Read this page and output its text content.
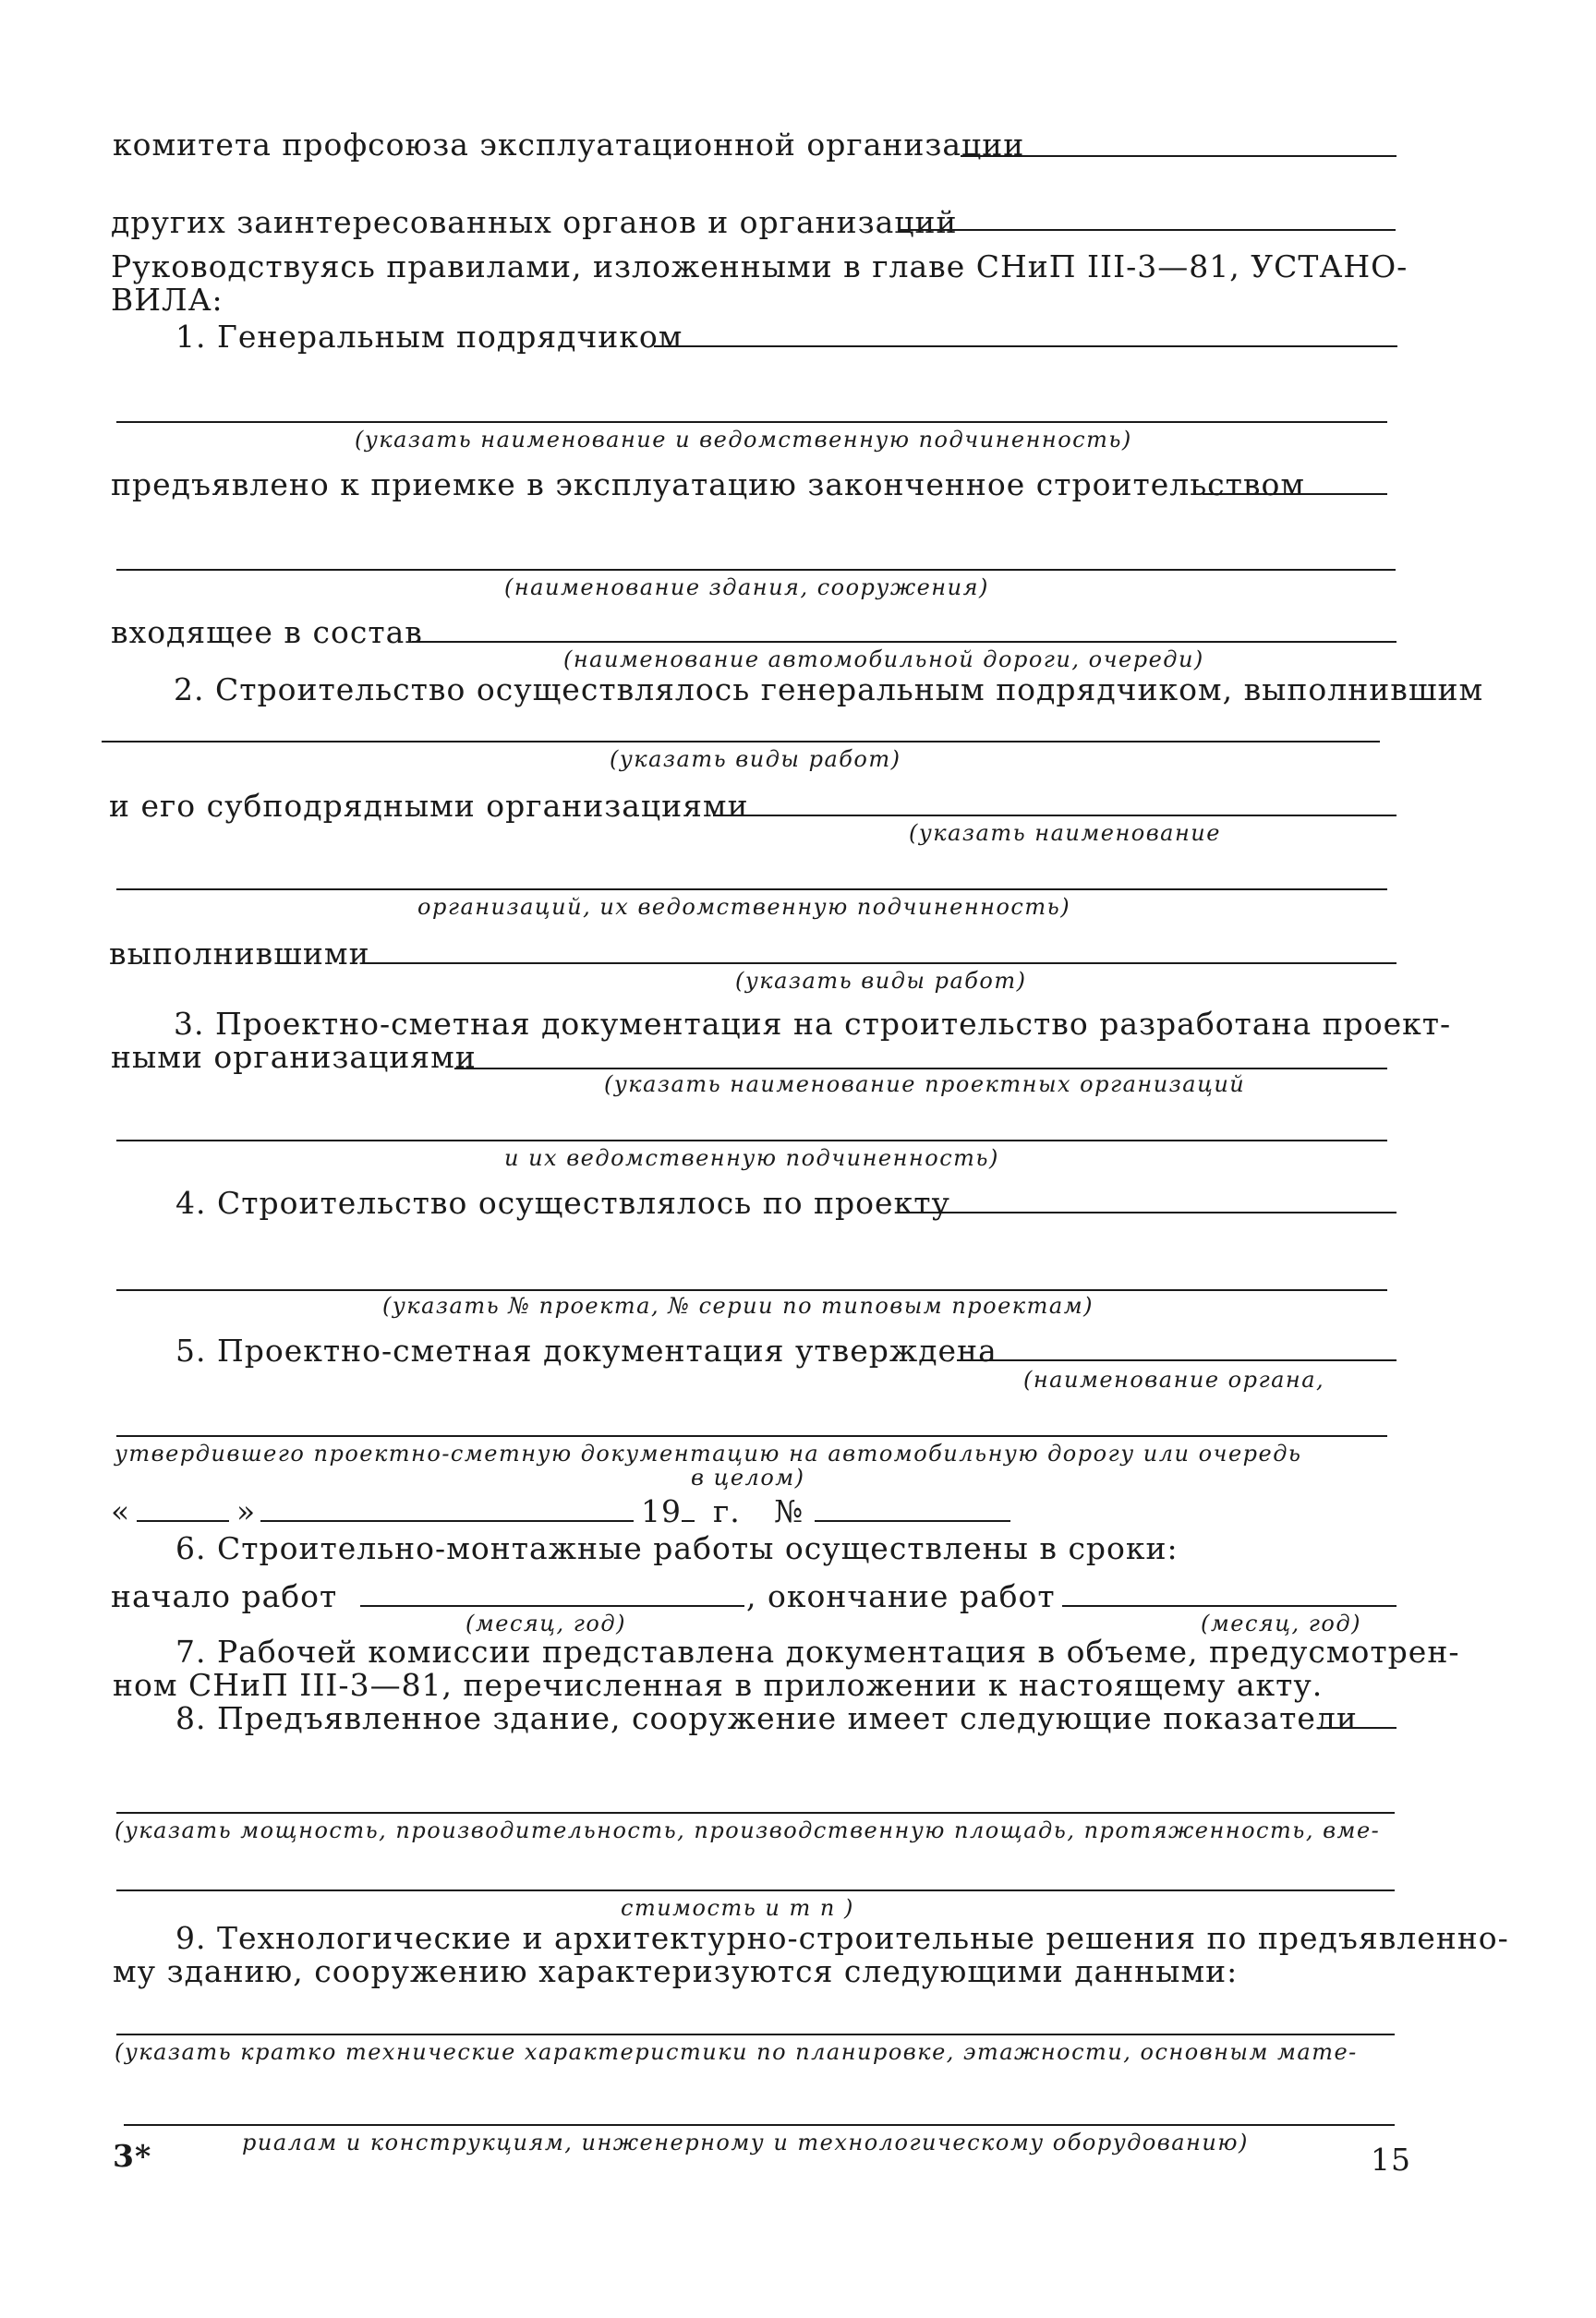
комитета профсоюза эксплуатационной организации
других заинтересованных органов и организаций
Руководствуясь правилами, изложенными в главе СНиП III-3—81, УСТАНО-
ВИЛА:
1. Генеральным подрядчиком
(указать наименование и ведомственную подчиненность)
предъявлено к приемке в эксплуатацию законченное строительством
(наименование здания, сооружения)
входящее в состав
(наименование автомобильной дороги, очереди)
2. Строительство осуществлялось генеральным подрядчиком, выполнившим
(указать виды работ)
и его субподрядными организациями
(указать наименование
организаций, их ведомственную подчиненность)
выполнившими
(указать виды работ)
3. Проектно-сметная документация на строительство разработана проект-
ными организациями
(указать наименование проектных организаций
и их ведомственную подчиненность)
4. Строительство осуществлялось по проекту
(указать № проекта, № серии по типовым проектам)
5. Проектно-сметная документация утверждена
(наименование органа,
утвердившего проектно-сметную документацию на автомобильную дорогу или очередь
в целом)
«	»	19 г. №
6. Строительно-монтажные работы осуществлены в сроки:
начало работ	, окончание работ
(месяц, год)	(месяц, год)
7. Рабочей комиссии представлена документация в объеме, предусмотрен-
ном СНиП III-3—81, перечисленная в приложении к настоящему акту.
8. Предъявленное здание, сооружение имеет следующие показатели
(указать мощность, производительность, производственную площадь, протяженность, вме-
стимость и т п )
9. Технологические и архитектурно-строительные решения по предъявленно-
му зданию, сооружению характеризуются следующими данными:
(указать кратко технические характеристики по планировке, этажности, основным мате-
риалам и конструкциям, инженерному и технологическому оборудованию)
3*	15
